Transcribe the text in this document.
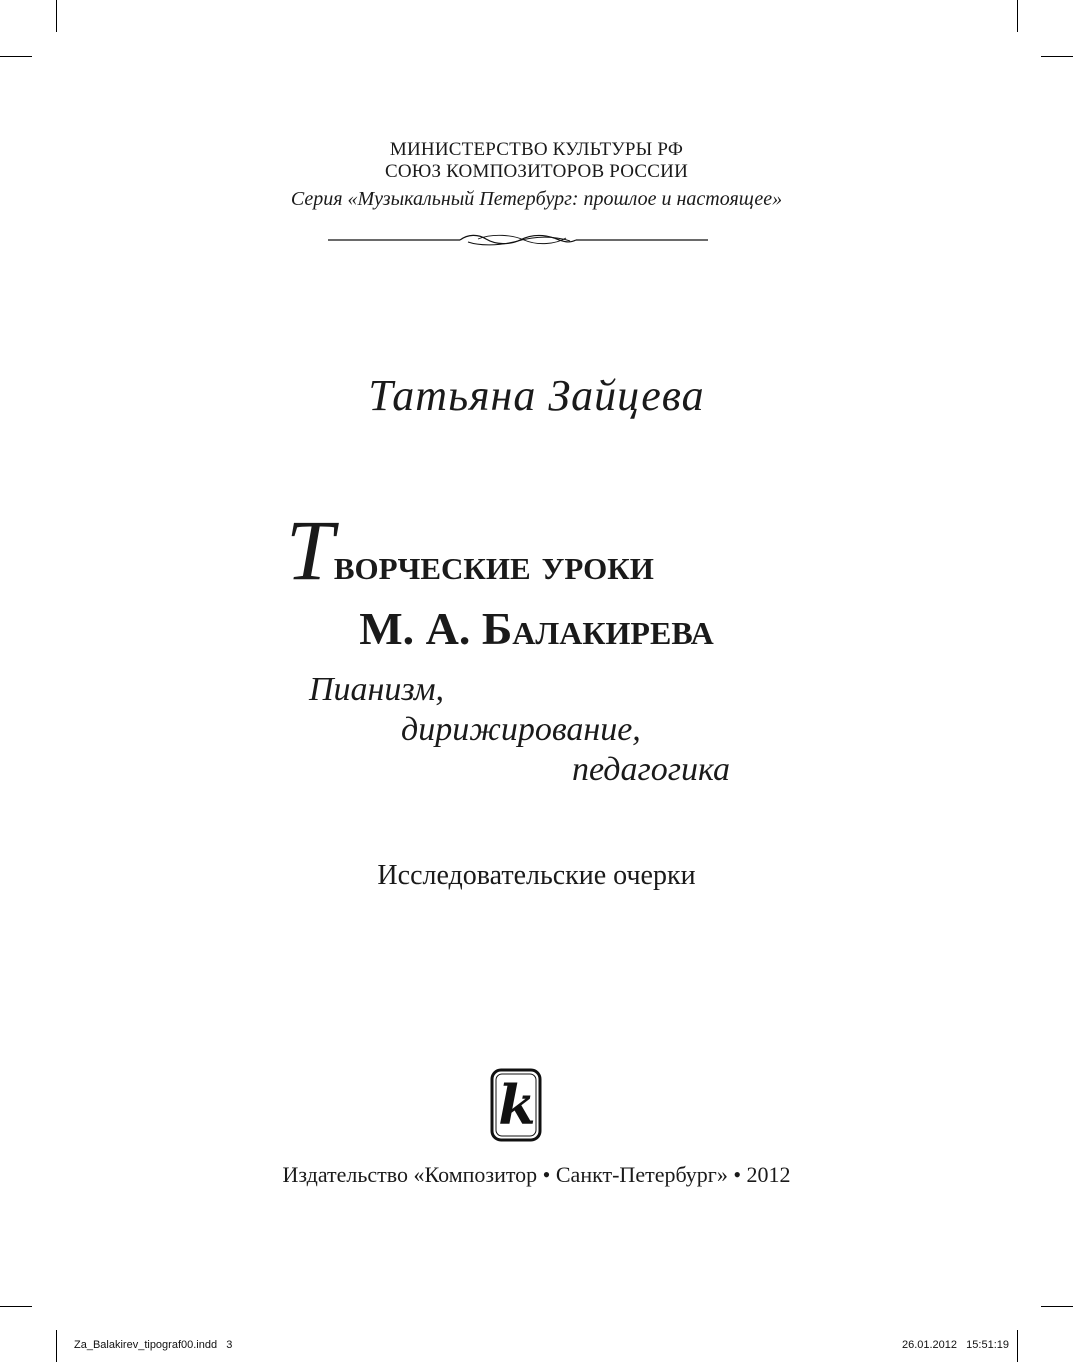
МИНИСТЕРСТВО КУЛЬТУРЫ РФ
СОЮЗ КОМПОЗИТОРОВ РОССИИ
Серия «Музыкальный Петербург: прошлое и настоящее»
Татьяна Зайцева
Творческие уроки
М. А. Балакирева
Пианизм,
дирижирование,
педагогика
Исследовательские очерки
k
Издательство «Композитор • Санкт-Петербург» • 2012
Za_Balakirev_tipograf00.indd   3	26.01.2012   15:51:19
